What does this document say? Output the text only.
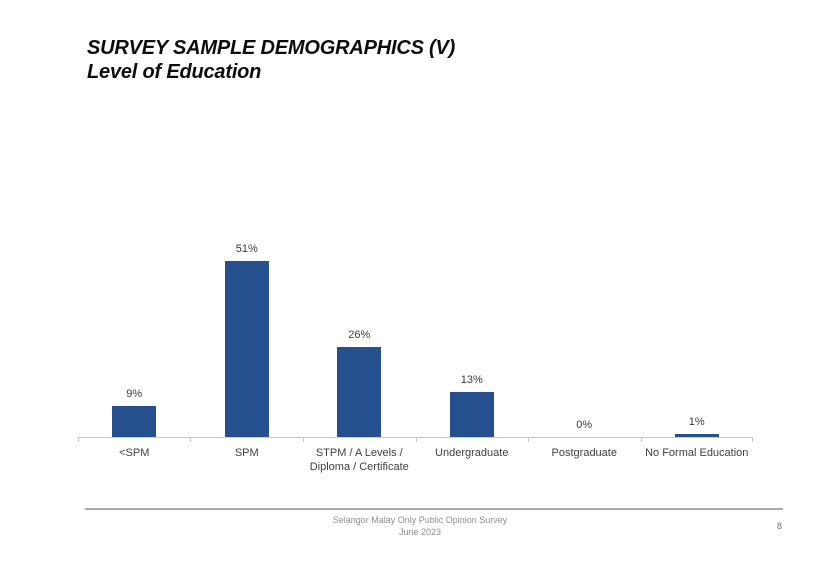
SURVEY SAMPLE DEMOGRAPHICS (V)
Level of Education
9%
51%
26%
13%
0%	1%
<SPM	SPM	STPM / A Levels / Diploma / Certificate
Undergraduate	Postgraduate	No Formal Education
Selangor Malay Only Public Opinion Survey
June 2023
8
